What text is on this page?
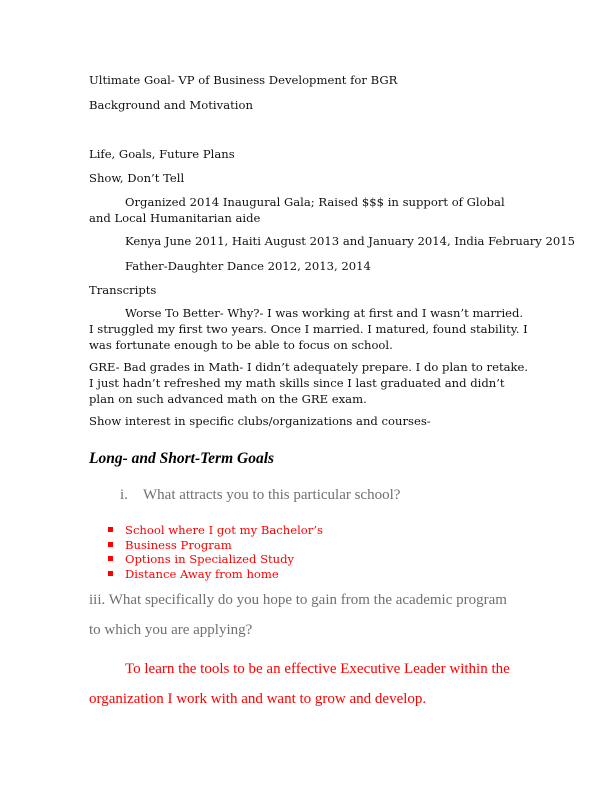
Ultimate Goal- VP of Business Development for BGR
Background and Motivation
Life, Goals, Future Plans
Show, Don’t Tell
Organized 2014 Inaugural Gala; Raised $$$ in support of Global and Local Humanitarian aide
Kenya June 2011, Haiti August 2013 and January 2014, India February 2015
Father-Daughter Dance 2012, 2013, 2014
Transcripts
Worse To Better- Why?- I was working at first and I wasn’t married. I struggled my first two years. Once I married. I matured, found stability. I was fortunate enough to be able to focus on school.
GRE- Bad grades in Math- I didn’t adequately prepare. I do plan to retake. I just hadn’t refreshed my math skills since I last graduated and didn’t plan on such advanced math on the GRE exam.
Show interest in specific clubs/organizations and courses-
Long- and Short-Term Goals
i. What attracts you to this particular school?
School where I got my Bachelor’s
Business Program
Options in Specialized Study
Distance Away from home
iii. What specifically do you hope to gain from the academic program to which you are applying?
To learn the tools to be an effective Executive Leader within the organization I work with and want to grow and develop.
